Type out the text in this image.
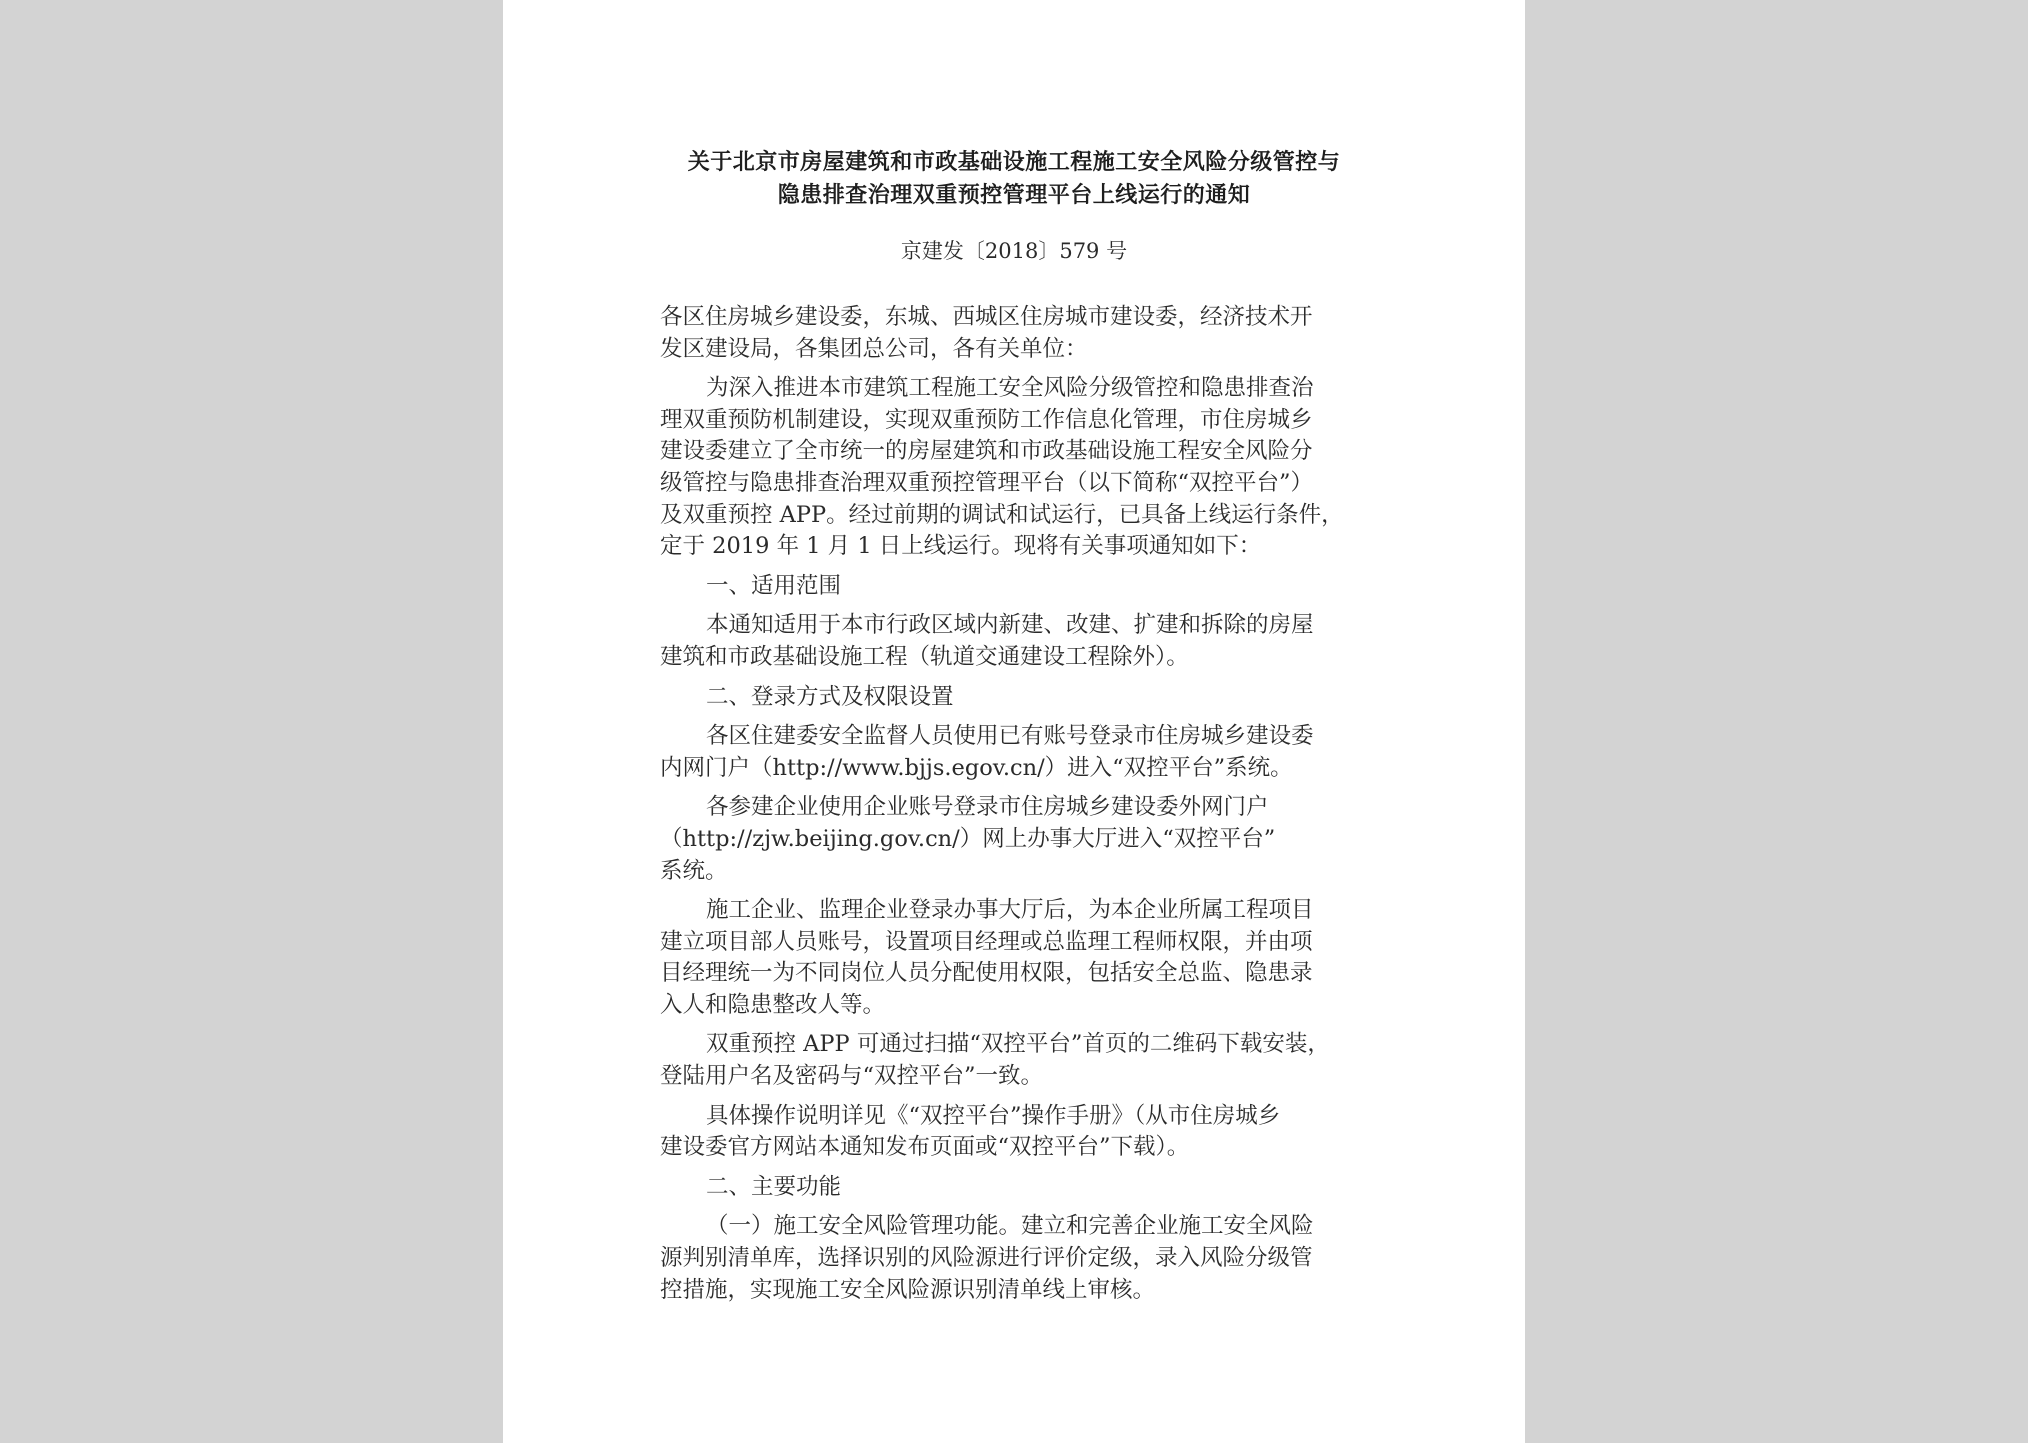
关于北京市房屋建筑和市政基础设施工程施工安全风险分级管控与
隐患排查治理双重预控管理平台上线运行的通知
京建发〔2018〕579 号
各区住房城乡建设委，东城、西城区住房城市建设委，经济技术开
发区建设局，各集团总公司，各有关单位：
为深入推进本市建筑工程施工安全风险分级管控和隐患排查治
理双重预防机制建设，实现双重预防工作信息化管理，市住房城乡
建设委建立了全市统一的房屋建筑和市政基础设施工程安全风险分
级管控与隐患排查治理双重预控管理平台（以下简称“双控平台”）
及双重预控 APP。经过前期的调试和试运行，已具备上线运行条件，
定于 2019 年 1 月 1 日上线运行。现将有关事项通知如下：
一、适用范围
本通知适用于本市行政区域内新建、改建、扩建和拆除的房屋
建筑和市政基础设施工程（轨道交通建设工程除外）。
二、登录方式及权限设置
各区住建委安全监督人员使用已有账号登录市住房城乡建设委
内网门户（http://www.bjjs.egov.cn/）进入“双控平台”系统。
各参建企业使用企业账号登录市住房城乡建设委外网门户
（http://zjw.beijing.gov.cn/）网上办事大厅进入“双控平台”
系统。
施工企业、监理企业登录办事大厅后，为本企业所属工程项目
建立项目部人员账号，设置项目经理或总监理工程师权限，并由项
目经理统一为不同岗位人员分配使用权限，包括安全总监、隐患录
入人和隐患整改人等。
双重预控 APP 可通过扫描“双控平台”首页的二维码下载安装，
登陆用户名及密码与“双控平台”一致。
具体操作说明详见《“双控平台”操作手册》（从市住房城乡
建设委官方网站本通知发布页面或“双控平台”下载）。
二、主要功能
（一）施工安全风险管理功能。建立和完善企业施工安全风险
源判别清单库，选择识别的风险源进行评价定级，录入风险分级管
控措施，实现施工安全风险源识别清单线上审核。
